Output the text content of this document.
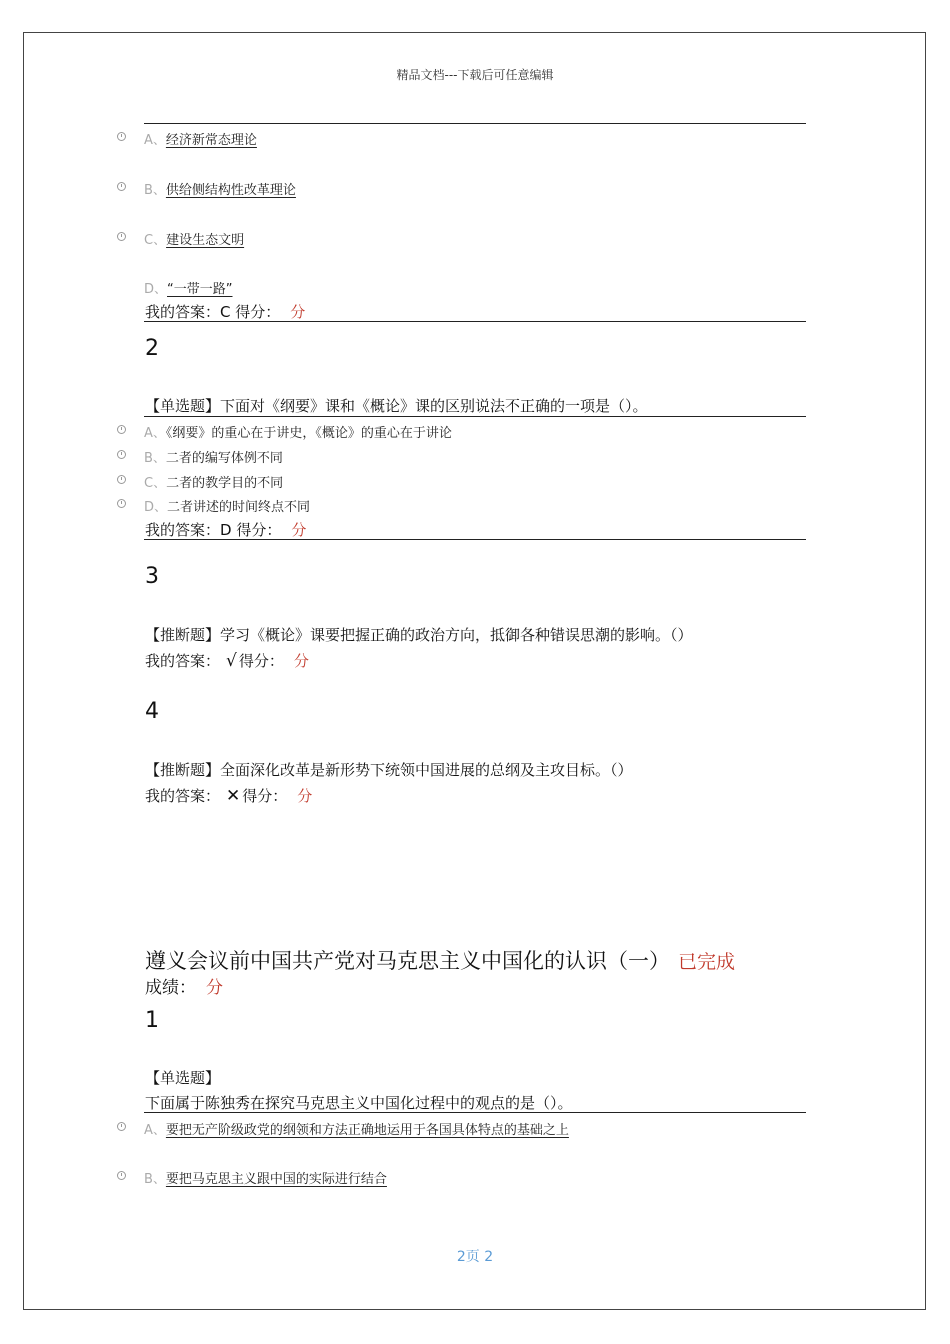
精品文档---下载后可任意编辑
A、经济新常态理论
B、供给侧结构性改革理论
C、建设生态文明
D、“一带一路”
我的答案：C 得分： 分
2
【单选题】下面对《纲要》课和《概论》课的区别说法不正确的一项是（）。
A、《纲要》的重心在于讲史，《概论》的重心在于讲论
B、二者的编写体例不同
C、二者的教学目的不同
D、二者讲述的时间终点不同
我的答案：D 得分： 分
3
【推断题】学习《概论》课要把握正确的政治方向，抵御各种错误思潮的影响。（）
我的答案： √ 得分： 分
4
【推断题】全面深化改革是新形势下统领中国进展的总纲及主攻目标。（）
我的答案： ✕ 得分： 分
遵义会议前中国共产党对马克思主义中国化的认识（一） 已完成
成绩： 分
1
【单选题】
下面属于陈独秀在探究马克思主义中国化过程中的观点的是（）。
A、要把无产阶级政党的纲领和方法正确地运用于各国具体特点的基础之上
B、要把马克思主义跟中国的实际进行结合
2页 2
